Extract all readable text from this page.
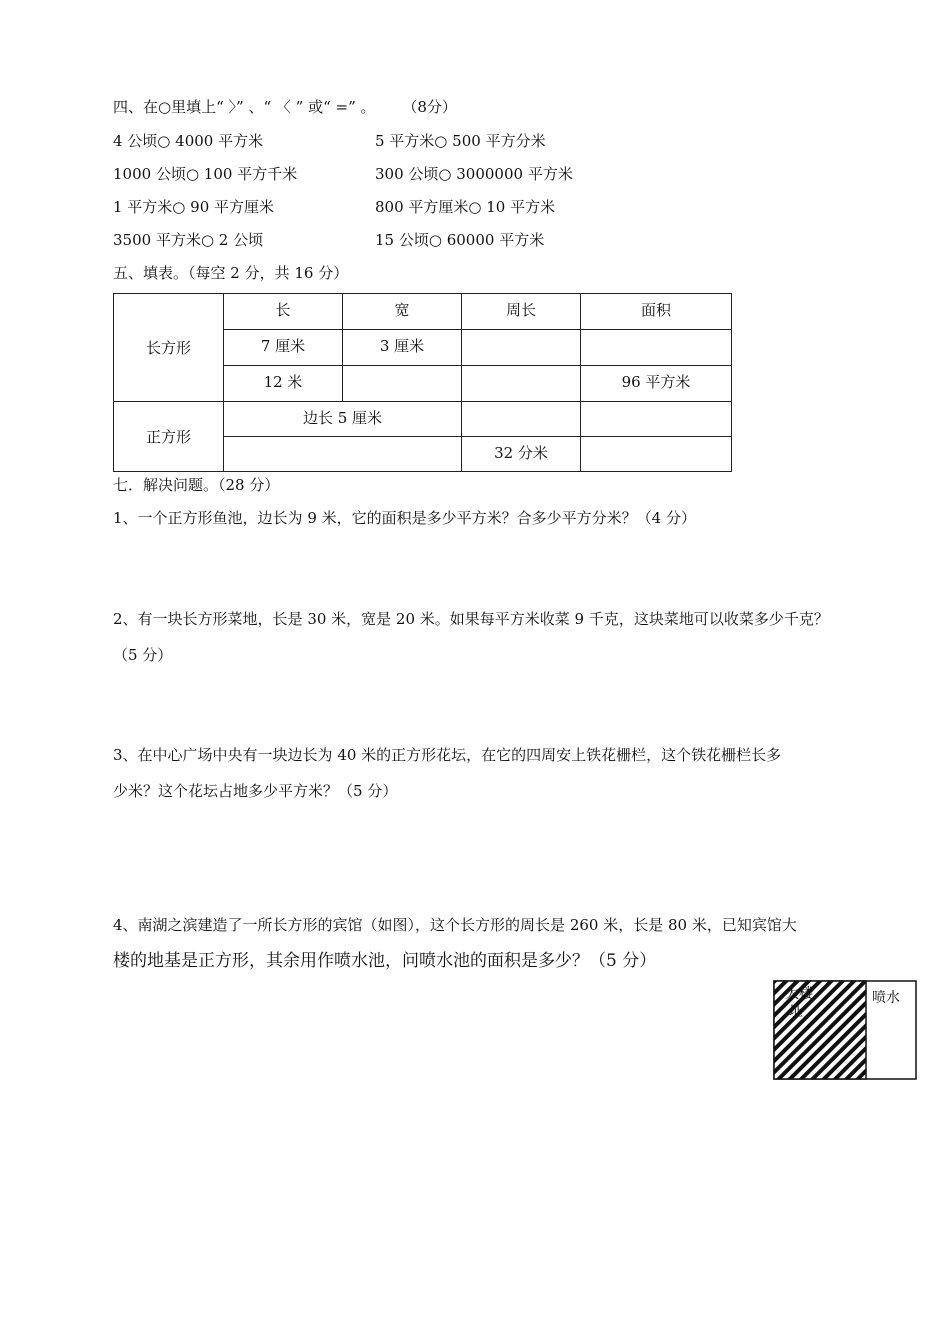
四、在○里填上“ 〉” 、“ 〈 ” 或“ =” 。 （8分）
4 公顷○ 4000 平方米	5 平方米○ 500 平方分米
1000 公顷○ 100 平方千米	300 公顷○ 3000000 平方米
1 平方米○ 90 平方厘米	800 平方厘米○ 10 平方米
3500 平方米○ 2 公顷	15 公顷○ 60000 平方米
五、填表。（每空 2 分，共 16 分）
长方形	长	宽	周长	面积
	7 厘米	3 厘米		
	12 米			96 平方米
正方形	边长 5 厘米			
			32 分米	
七．解决问题。（28 分）
1、一个正方形鱼池，边长为 9 米，它的面积是多少平方米？合多少平方分米？（4 分）
2、有一块长方形菜地，长是 30 米，宽是 20 米。如果每平方米收菜 9 千克，这块菜地可以收菜多少千克？
（5 分）
3、在中心广场中央有一块边长为 40 米的正方形花坛，在它的四周安上铁花栅栏，这个铁花栅栏长多
少米？这个花坛占地多少平方米？（5 分）
4、南湖之滨建造了一所长方形的宾馆（如图），这个长方形的周长是 260 米，长是 80 米，已知宾馆大
楼的地基是正方形，其余用作喷水池，问喷水池的面积是多少？（5 分）
大楼
址
喷水
